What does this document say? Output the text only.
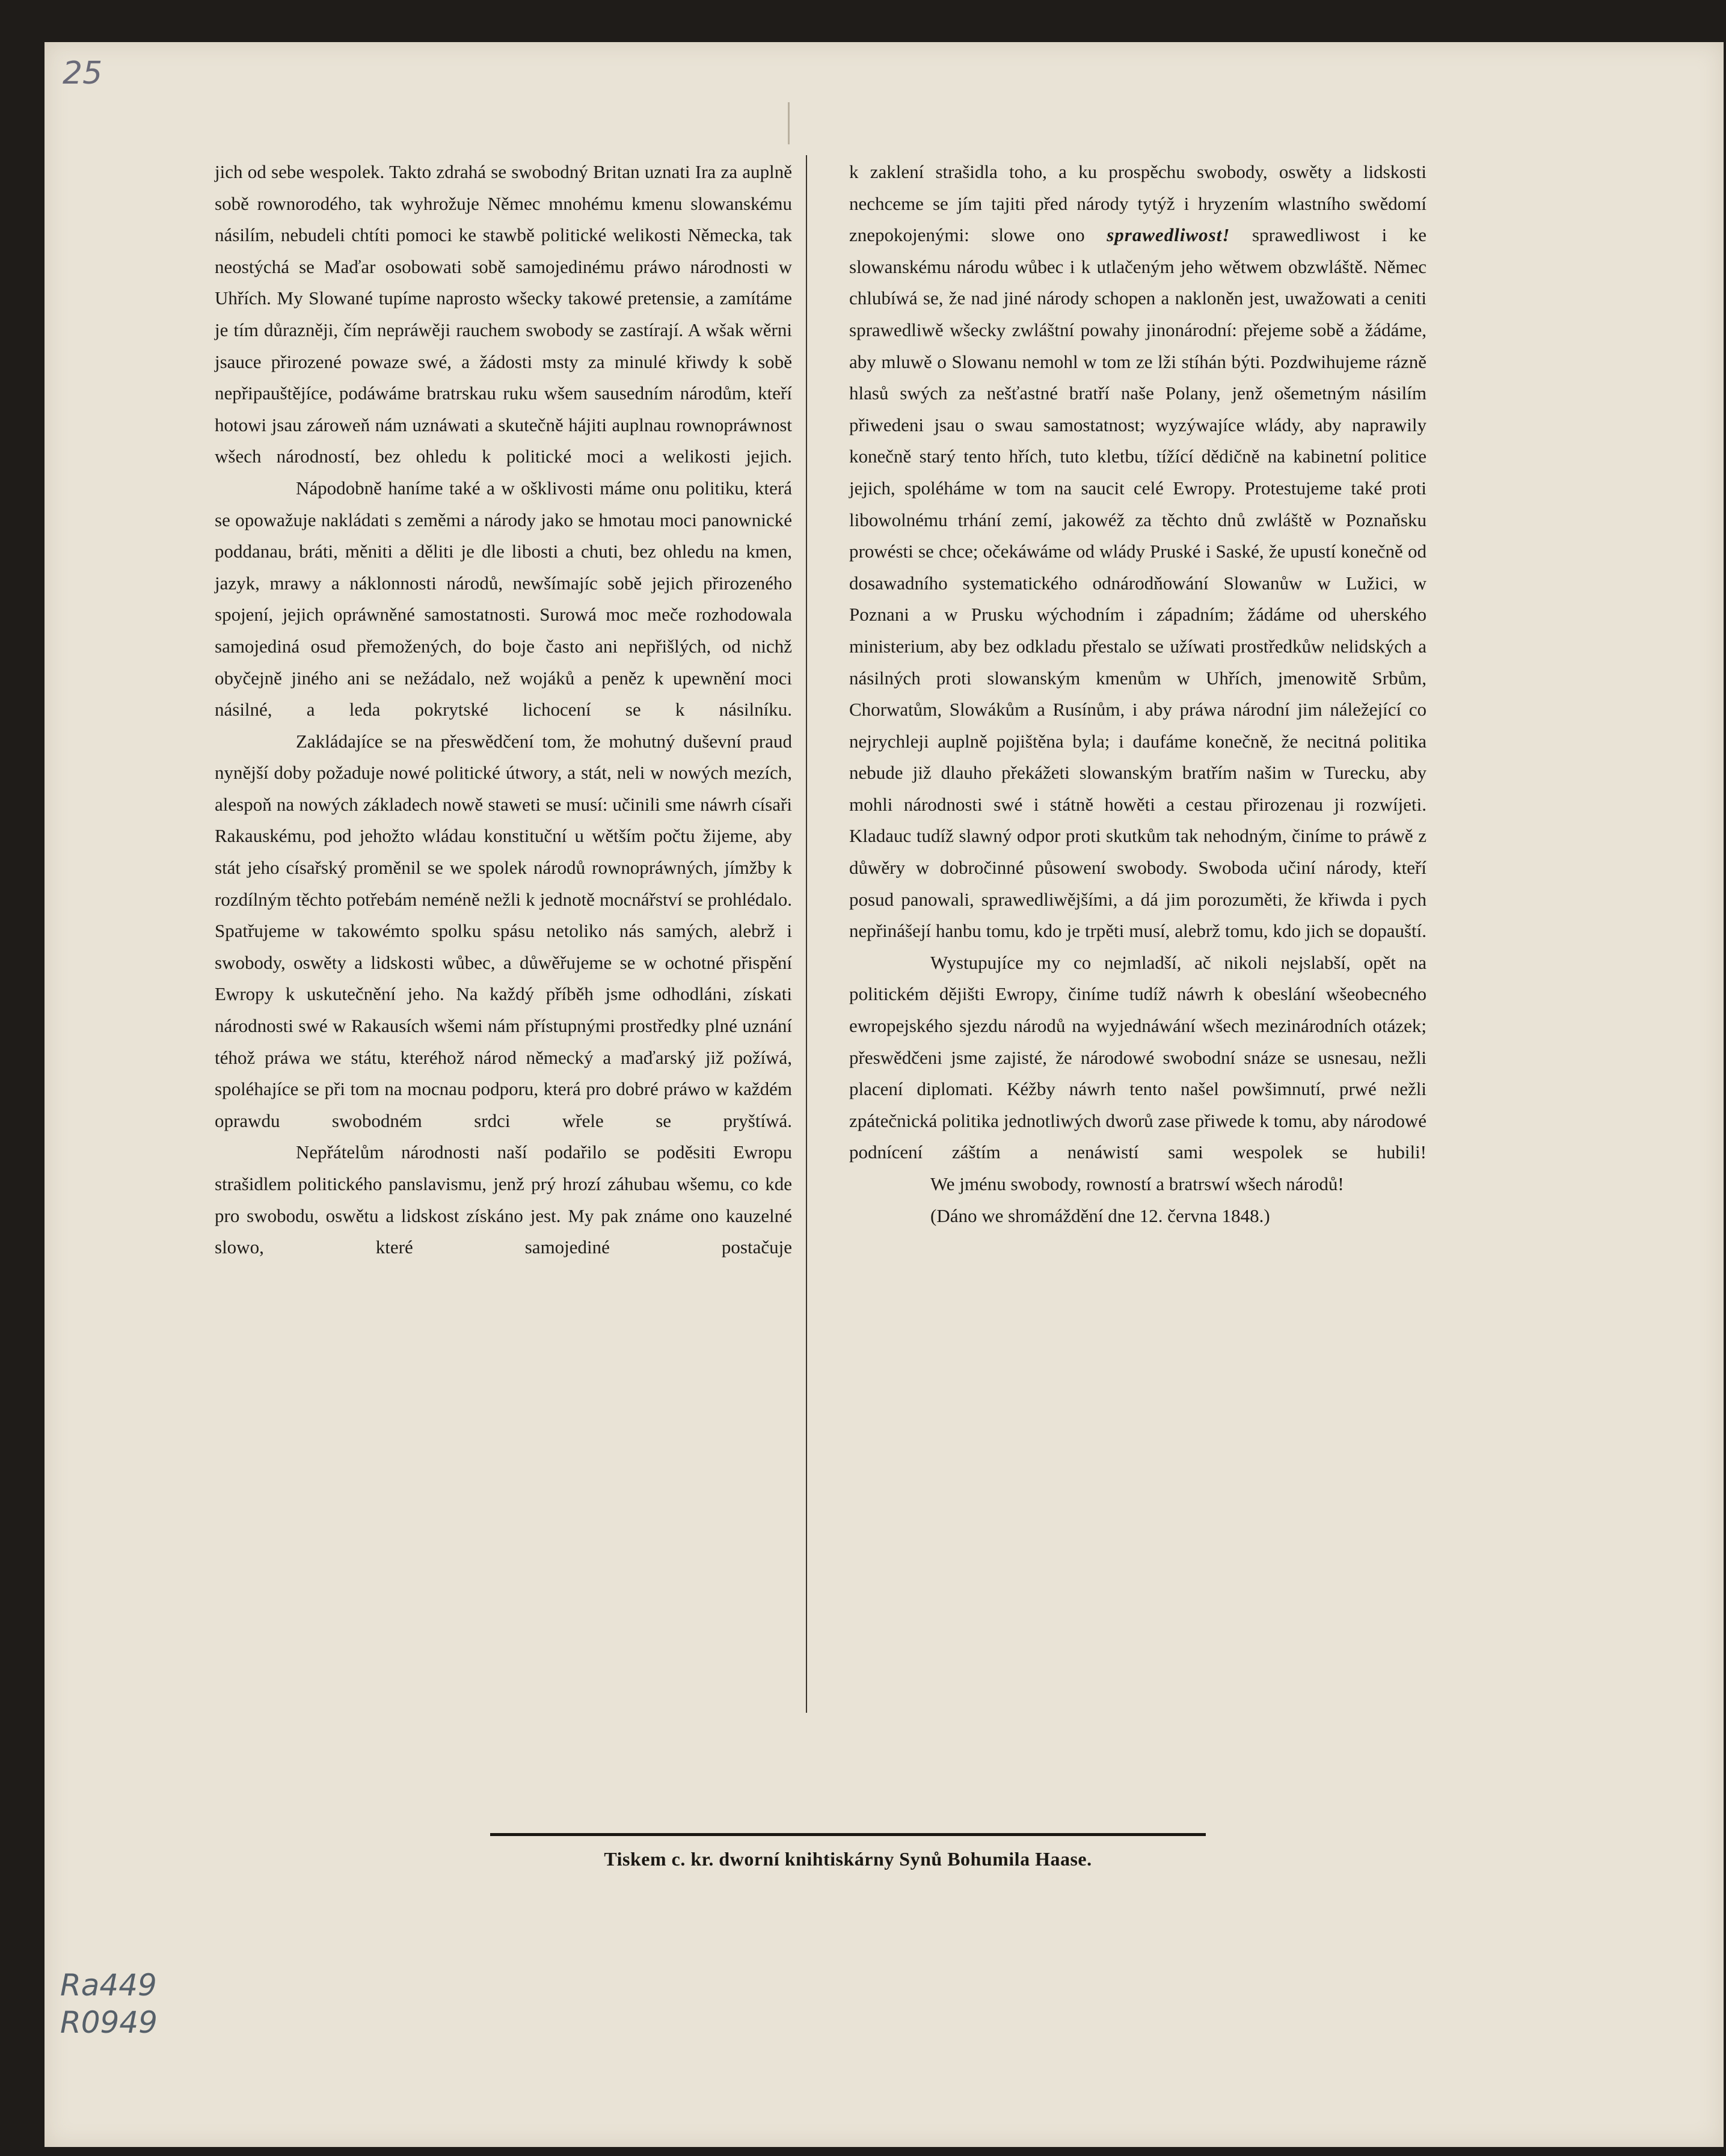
25

jich od sebe wespolek. Takto zdrahá se swobodný Britan uznati Ira za auplně sobě rownorodého, tak wyhrožuje Němec mnohému kmenu slowanskému násilím, nebudeli chtíti pomoci ke stawbě politické welikosti Německa, tak neostýchá se Maďar osobowati sobě samojedinému práwo národnosti w Uhřích. My Slowané tupíme naprosto wšecky takowé pretensie, a zamítáme je tím důrazněji, čím nepráwěji rauchem swobody se zastírají. A wšak wěrni jsauce přirozené powaze swé, a žádosti msty za minulé křiwdy k sobě nepřipauštějíce, podáwáme bratrskau ruku wšem sausedním národům, kteří hotowi jsau zároweň nám uznáwati a skutečně hájiti auplnau rownopráwnost wšech národností, bez ohledu k politické moci a welikosti jejich.

Nápodobně haníme také a w ošklivosti máme onu politiku, která se opowažuje nakládati s zeměmi a národy jako se hmotau moci panownické poddanau, bráti, měniti a děliti je dle libosti a chuti, bez ohledu na kmen, jazyk, mrawy a náklonnosti národů, newšímajíc sobě jejich přirozeného spojení, jejich opráwněné samostatnosti. Surowá moc meče rozhodowala samojediná osud přemožených, do boje často ani nepřišlých, od nichž obyčejně jiného ani se nežádalo, než wojáků a peněz k upewnění moci násilné, a leda pokrytské lichocení se k násilníku.

Zakládajíce se na přeswědčení tom, že mohutný duševní praud nynější doby požaduje nowé politické útwory, a stát, neli w nowých mezích, alespoň na nowých základech nowě staweti se musí: učinili sme náwrh císaři Rakauskému, pod jehožto wládau konstituční u wětším počtu žijeme, aby stát jeho císařský proměnil se we spolek národů rownopráwných, jímžby k rozdílným těchto potřebám neméně nežli k jednotě mocnářství se prohlédalo. Spatřujeme w takowémto spolku spásu netoliko nás samých, alebrž i swobody, oswěty a lidskosti wůbec, a důwěřujeme se w ochotné přispění Ewropy k uskutečnění jeho. Na každý příběh jsme odhodláni, získati národnosti swé w Rakausích wšemi nám přístupnými prostředky plné uznání téhož práwa we státu, kteréhož národ německý a maďarský již požíwá, spoléhajíce se při tom na mocnau podporu, která pro dobré práwo w každém oprawdu swobodném srdci wřele se pryštíwá.

Nepřátelům národnosti naší podařilo se poděsiti Ewropu strašidlem politického panslavismu, jenž prý hrozí záhubau wšemu, co kde pro swobodu, oswětu a lidskost získáno jest. My pak známe ono kauzelné slowo, které samojediné postačuje

k zaklení strašidla toho, a ku prospěchu swobody, oswěty a lidskosti nechceme se jím tajiti před národy tytýž i hryzením wlastního swědomí znepokojenými: slowe ono sprawedliwost! sprawedliwost i ke slowanskému národu wůbec i k utlačeným jeho wětwem obzwláště. Němec chlubíwá se, že nad jiné národy schopen a nakloněn jest, uwažowati a ceniti sprawedliwě wšecky zwláštní powahy jinonárodní: přejeme sobě a žádáme, aby mluwě o Slowanu nemohl w tom ze lži stíhán býti. Pozdwihujeme rázně hlasů swých za nešťastné bratří naše Polany, jenž ošemetným násilím přiwedeni jsau o swau samostatnost; wyzýwajíce wlády, aby naprawily konečně starý tento hřích, tuto kletbu, tížící dědičně na kabinetní politice jejich, spoléháme w tom na saucit celé Ewropy. Protestujeme také proti libowolnému trhání zemí, jakowéž za těchto dnů zwláště w Poznaňsku prowésti se chce; očekáwáme od wlády Pruské i Saské, že upustí konečně od dosawadního systematického odnárodňowání Slowanůw w Lužici, w Poznani a w Prusku wýchodním i západním; žádáme od uherského ministerium, aby bez odkladu přestalo se užíwati prostředkůw nelidských a násilných proti slowanským kmenům w Uhřích, jmenowitě Srbům, Chorwatům, Slowákům a Rusínům, i aby práwa národní jim náležející co nejrychleji auplně pojištěna byla; i daufáme konečně, že necitná politika nebude již dlauho překážeti slowanským bratřím našim w Turecku, aby mohli národnosti swé i státně howěti a cestau přirozenau ji rozwíjeti. Kladauc tudíž slawný odpor proti skutkům tak nehodným, činíme to práwě z důwěry w dobročinné půsowení swobody. Swoboda učiní národy, kteří posud panowali, sprawedliwějšími, a dá jim porozuměti, že křiwda i pych nepřinášejí hanbu tomu, kdo je trpěti musí, alebrž tomu, kdo jich se dopauští.

Wystupujíce my co nejmladší, ač nikoli nejslabší, opět na politickém dějišti Ewropy, činíme tudíž náwrh k obeslání wšeobecného ewropejského sjezdu národů na wyjednáwání wšech mezinárodních otázek; přeswědčeni jsme zajisté, že národowé swobodní snáze se usnesau, nežli placení diplomati. Kéžby náwrh tento našel powšimnutí, prwé nežli zpátečnická politika jednotliwých dworů zase přiwede k tomu, aby národowé podnícení záštím a nenáwistí sami wespolek se hubili!

We jménu swobody, rowností a bratrswí wšech národů!

(Dáno we shromáždění dne 12. června 1848.)

Tiskem c. kr. dworní knihtiskárny Synů Bohumila Haase.
Ra449
R0949
